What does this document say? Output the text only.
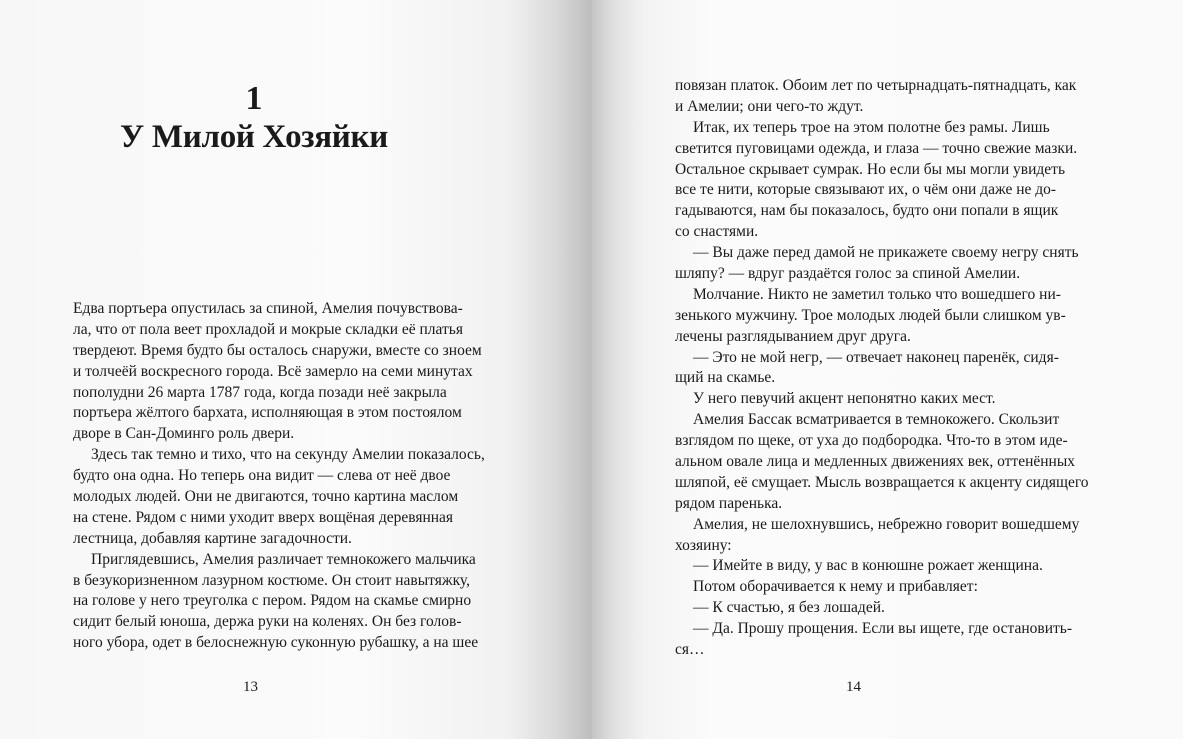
1
У Милой Хозяйки
Едва портьера опустилась за спиной, Амелия почувствова-
ла, что от пола веет прохладой и мокрые складки её платья
твердеют. Время будто бы осталось снаружи, вместе со зноем
и толчеёй воскресного города. Всё замерло на семи минутах
пополудни 26 марта 1787 года, когда позади неё закрыла
портьера жёлтого бархата, исполняющая в этом постоялом
дворе в Сан-Доминго роль двери.
Здесь так темно и тихо, что на секунду Амелии показалось,
будто она одна. Но теперь она видит — слева от неё двое
молодых людей. Они не двигаются, точно картина маслом
на стене. Рядом с ними уходит вверх вощёная деревянная
лестница, добавляя картине загадочности.
Приглядевшись, Амелия различает темнокожего мальчика
в безукоризненном лазурном костюме. Он стоит навытяжку,
на голове у него треуголка с пером. Рядом на скамье смирно
сидит белый юноша, держа руки на коленях. Он без голов-
ного убора, одет в белоснежную суконную рубашку, а на шее
13
повязан платок. Обоим лет по четырнадцать-пятнадцать, как
и Амелии; они чего-то ждут.
Итак, их теперь трое на этом полотне без рамы. Лишь
светится пуговицами одежда, и глаза — точно свежие мазки.
Остальное скрывает сумрак. Но если бы мы могли увидеть
все те нити, которые связывают их, о чём они даже не до-
гадываются, нам бы показалось, будто они попали в ящик
со снастями.
— Вы даже перед дамой не прикажете своему негру снять
шляпу? — вдруг раздаётся голос за спиной Амелии.
Молчание. Никто не заметил только что вошедшего ни-
зенького мужчину. Трое молодых людей были слишком ув-
лечены разглядыванием друг друга.
— Это не мой негр, — отвечает наконец паренёк, сидя-
щий на скамье.
У него певучий акцент непонятно каких мест.
Амелия Бассак всматривается в темнокожего. Скользит
взглядом по щеке, от уха до подбородка. Что-то в этом иде-
альном овале лица и медленных движениях век, оттенённых
шляпой, её смущает. Мысль возвращается к акценту сидящего
рядом паренька.
Амелия, не шелохнувшись, небрежно говорит вошедшему
хозяину:
— Имейте в виду, у вас в конюшне рожает женщина.
Потом оборачивается к нему и прибавляет:
— К счастью, я без лошадей.
— Да. Прошу прощения. Если вы ищете, где остановить-
ся…
14
